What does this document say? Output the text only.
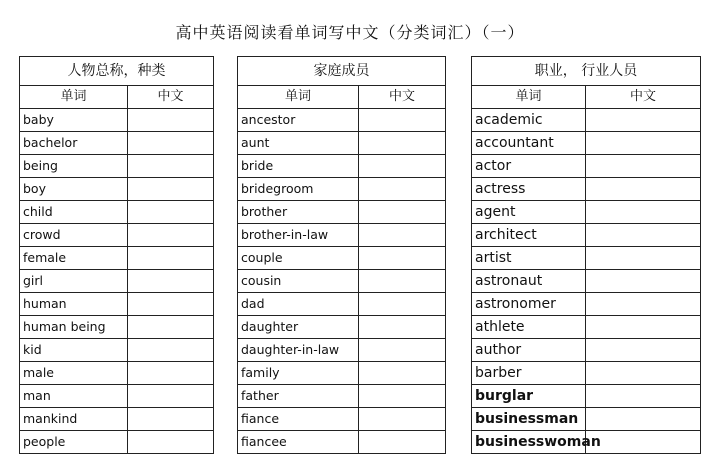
高中英语阅读看单词写中文（分类词汇）（一）
人物总称，种类			家庭成员			职业， 行业人员	
单词	中文		单词	中文		单词	中文
baby			ancestor			academic	
bachelor			aunt			accountant	
being			bride			actor	
boy			bridegroom			actress	
child			brother			agent	
crowd			brother-in-law			architect	
female			couple			artist	
girl			cousin			astronaut	
human			dad			astronomer	
human being			daughter			athlete	
kid			daughter-in-law			author	
male			family			barber	
man			father			burglar	
mankind			fiance			businessman	
people			fiancee			businesswoman	
